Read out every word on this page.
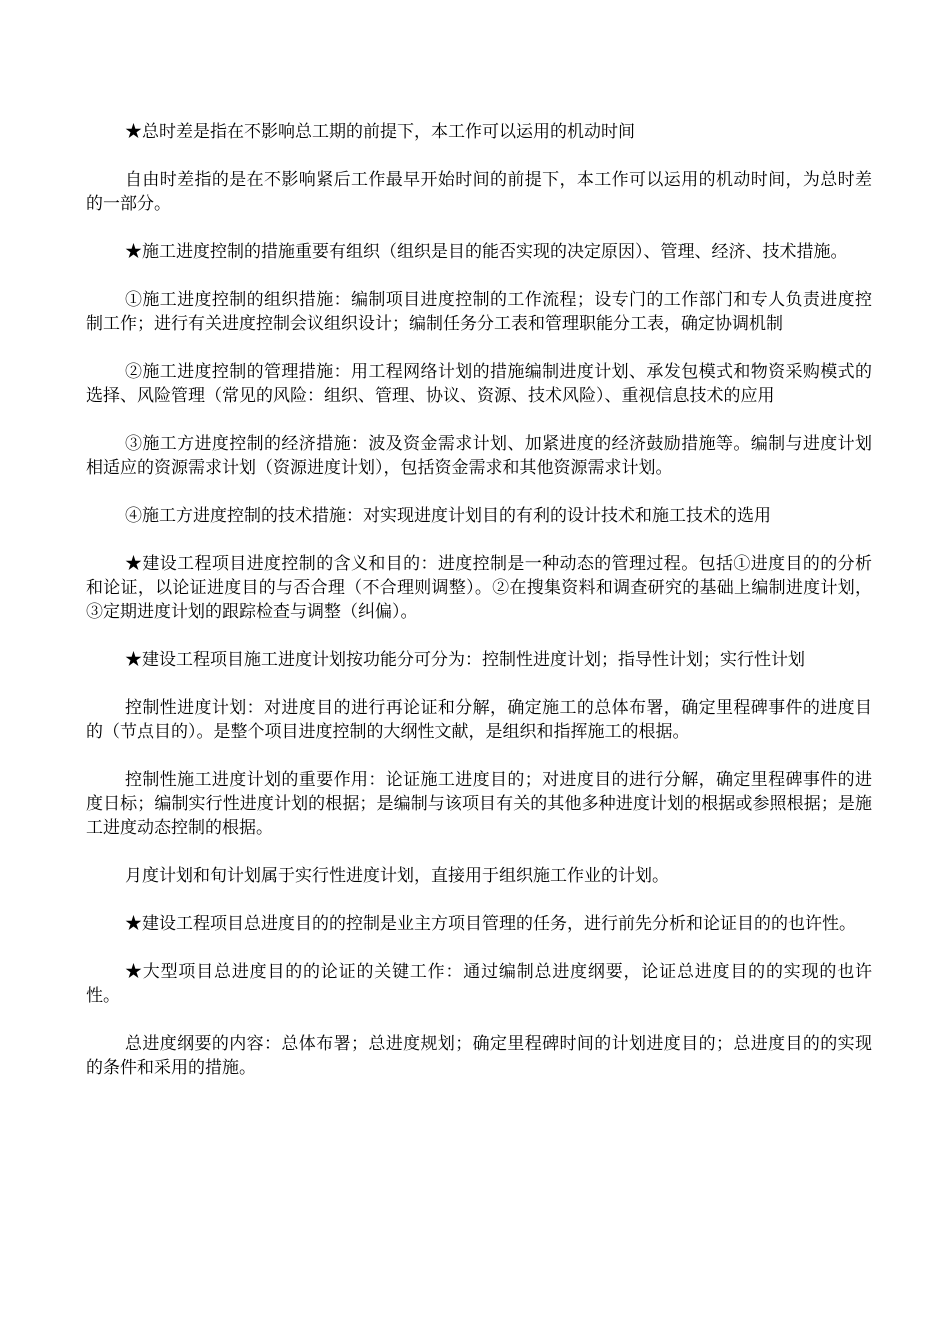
★总时差是指在不影响总工期的前提下，本工作可以运用的机动时间

自由时差指的是在不影响紧后工作最早开始时间的前提下，本工作可以运用的机动时间，为总时差的一部分。

★施工进度控制的措施重要有组织（组织是目的能否实现的决定原因）、管理、经济、技术措施。

①施工进度控制的组织措施：编制项目进度控制的工作流程；设专门的工作部门和专人负责进度控制工作；进行有关进度控制会议组织设计；编制任务分工表和管理职能分工表，确定协调机制

②施工进度控制的管理措施：用工程网络计划的措施编制进度计划、承发包模式和物资采购模式的选择、风险管理（常见的风险：组织、管理、协议、资源、技术风险）、重视信息技术的应用

③施工方进度控制的经济措施：波及资金需求计划、加紧进度的经济鼓励措施等。编制与进度计划相适应的资源需求计划（资源进度计划），包括资金需求和其他资源需求计划。

④施工方进度控制的技术措施：对实现进度计划目的有利的设计技术和施工技术的选用

★建设工程项目进度控制的含义和目的：进度控制是一种动态的管理过程。包括①进度目的的分析和论证，以论证进度目的与否合理（不合理则调整）。②在搜集资料和调查研究的基础上编制进度计划，③定期进度计划的跟踪检查与调整（纠偏）。

★建设工程项目施工进度计划按功能分可分为：控制性进度计划；指导性计划；实行性计划

控制性进度计划：对进度目的进行再论证和分解，确定施工的总体布署，确定里程碑事件的进度目的（节点目的）。是整个项目进度控制的大纲性文献，是组织和指挥施工的根据。

控制性施工进度计划的重要作用：论证施工进度目的；对进度目的进行分解，确定里程碑事件的进度日标；编制实行性进度计划的根据；是编制与该项目有关的其他多种进度计划的根据或参照根据；是施工进度动态控制的根据。

月度计划和旬计划属于实行性进度计划，直接用于组织施工作业的计划。

★建设工程项目总进度目的的控制是业主方项目管理的任务，进行前先分析和论证目的的也许性。

★大型项目总进度目的的论证的关键工作：通过编制总进度纲要，论证总进度目的的实现的也许性。

总进度纲要的内容：总体布署；总进度规划；确定里程碑时间的计划进度目的；总进度目的的实现的条件和采用的措施。
